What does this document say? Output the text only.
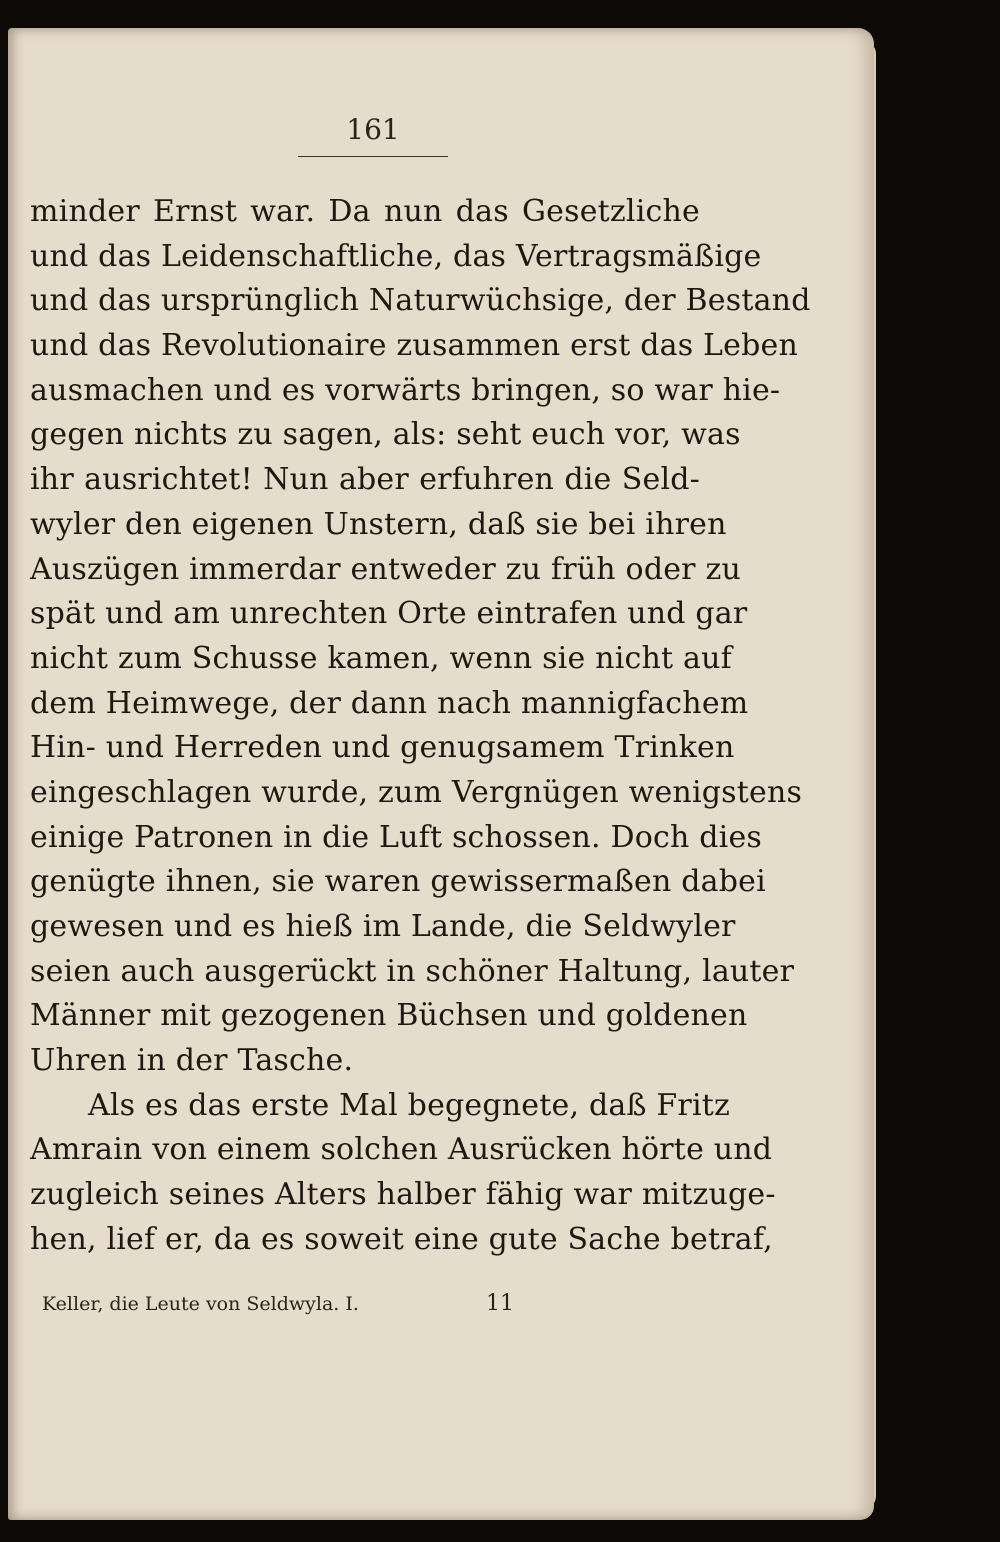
161
minder Ernst war. Da nun das Gesetzliche
und das Leidenschaftliche, das Vertragsmäßige
und das ursprünglich Naturwüchsige, der Bestand
und das Revolutionaire zusammen erst das Leben
ausmachen und es vorwärts bringen, so war hie-
gegen nichts zu sagen, als: seht euch vor, was
ihr ausrichtet! Nun aber erfuhren die Seld-
wyler den eigenen Unstern, daß sie bei ihren
Auszügen immerdar entweder zu früh oder zu
spät und am unrechten Orte eintrafen und gar
nicht zum Schusse kamen, wenn sie nicht auf
dem Heimwege, der dann nach mannigfachem
Hin- und Herreden und genugsamem Trinken
eingeschlagen wurde, zum Vergnügen wenigstens
einige Patronen in die Luft schossen. Doch dies
genügte ihnen, sie waren gewissermaßen dabei
gewesen und es hieß im Lande, die Seldwyler
seien auch ausgerückt in schöner Haltung, lauter
Männer mit gezogenen Büchsen und goldenen
Uhren in der Tasche.
Als es das erste Mal begegnete, daß Fritz
Amrain von einem solchen Ausrücken hörte und
zugleich seines Alters halber fähig war mitzuge-
hen, lief er, da es soweit eine gute Sache betraf,
Keller, die Leute von Seldwyla. I.	11
